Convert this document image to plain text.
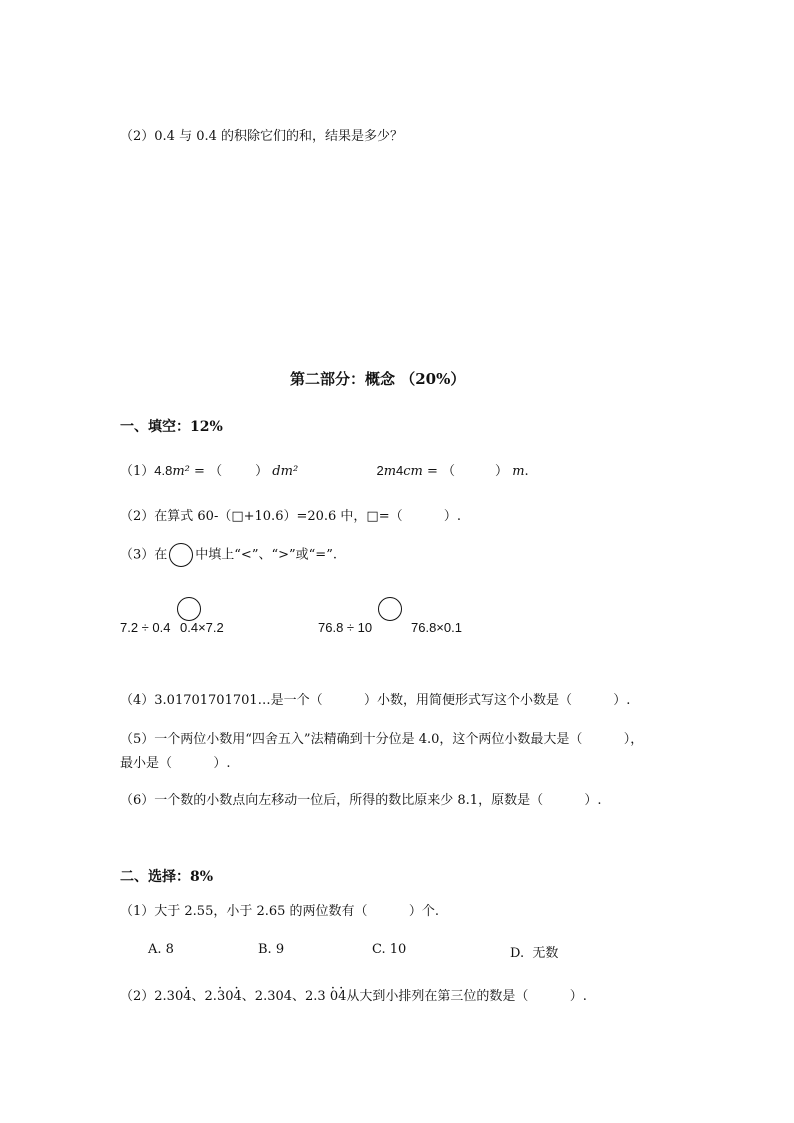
（2）0.4 与 0.4 的积除它们的和，结果是多少？
第二部分：概念 （20%）
一、填空：12%
（1）4.8m² = （	） dm²	2m4cm = （	） m.
（2）在算式 60-（□+10.6）=20.6 中，□=（          ）.
（3）在 中填上“<”、“>”或“=”.
7.2 ÷ 0.4 0.4×7.2	76.8 ÷ 10	76.8×0.1
（4）3.01701701701…是一个（          ）小数，用简便形式写这个小数是（          ）.
（5）一个两位小数用“四舍五入”法精确到十分位是 4.0，这个两位小数最大是（          ），
最小是（          ）.
（6）一个数的小数点向左移动一位后，所得的数比原来少 8.1，原数是（          ）.
二、选择：8%
（1）大于 2.55，小于 2.65 的两位数有（          ）个.
A. 8	B. 9	C. 10	D.  无数
（2）2.30· 4、2.· 30· 4、2.304、2.3 · 0· 4从大到小排列在第三位的数是（          ）.
